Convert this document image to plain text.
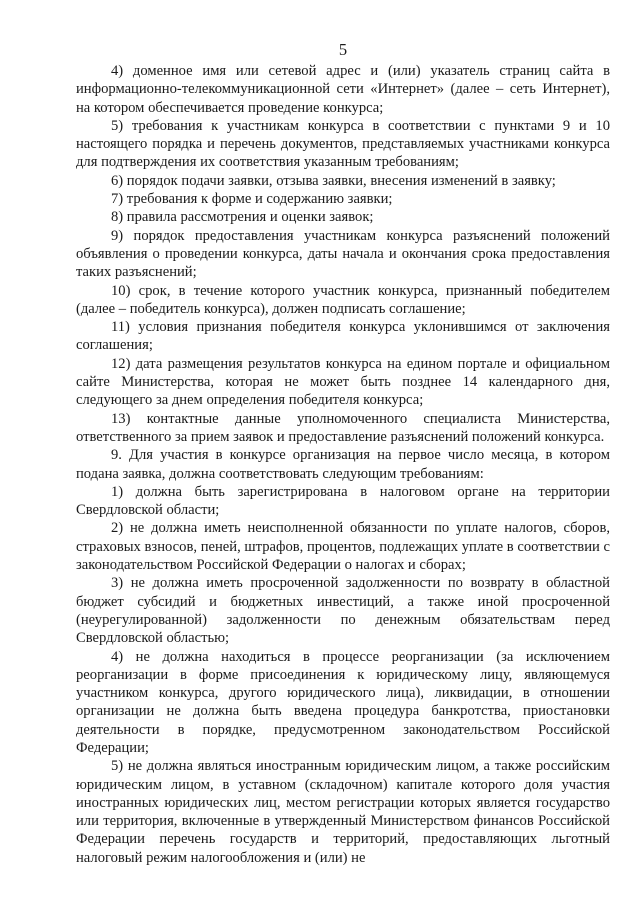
5

4) доменное имя или сетевой адрес и (или) указатель страниц сайта в информационно-телекоммуникационной сети «Интернет» (далее – сеть Интернет), на котором обеспечивается проведение конкурса;

5) требования к участникам конкурса в соответствии с пунктами 9 и 10 настоящего порядка и перечень документов, представляемых участниками конкурса для подтверждения их соответствия указанным требованиям;

6) порядок подачи заявки, отзыва заявки, внесения изменений в заявку;

7) требования к форме и содержанию заявки;

8) правила рассмотрения и оценки заявок;

9) порядок предоставления участникам конкурса разъяснений положений объявления о проведении конкурса, даты начала и окончания срока предоставления таких разъяснений;

10) срок, в течение которого участник конкурса, признанный победителем (далее – победитель конкурса), должен подписать соглашение;

11) условия признания победителя конкурса уклонившимся от заключения соглашения;

12) дата размещения результатов конкурса на едином портале и официальном сайте Министерства, которая не может быть позднее 14 календарного дня, следующего за днем определения победителя конкурса;

13) контактные данные уполномоченного специалиста Министерства, ответственного за прием заявок и предоставление разъяснений положений конкурса.

9. Для участия в конкурсе организация на первое число месяца, в котором подана заявка, должна соответствовать следующим требованиям:

1) должна быть зарегистрирована в налоговом органе на территории Свердловской области;

2) не должна иметь неисполненной обязанности по уплате налогов, сборов, страховых взносов, пеней, штрафов, процентов, подлежащих уплате в соответствии с законодательством Российской Федерации о налогах и сборах;

3) не должна иметь просроченной задолженности по возврату в областной бюджет субсидий и бюджетных инвестиций, а также иной просроченной (неурегулированной) задолженности по денежным обязательствам перед Свердловской областью;

4) не должна находиться в процессе реорганизации (за исключением реорганизации в форме присоединения к юридическому лицу, являющемуся участником конкурса, другого юридического лица), ликвидации, в отношении организации не должна быть введена процедура банкротства, приостановки деятельности в порядке, предусмотренном законодательством Российской Федерации;

5) не должна являться иностранным юридическим лицом, а также российским юридическим лицом, в уставном (складочном) капитале которого доля участия иностранных юридических лиц, местом регистрации которых является государство или территория, включенные в утвержденный Министерством финансов Российской Федерации перечень государств и территорий, предоставляющих льготный налоговый режим налогообложения и (или) не
